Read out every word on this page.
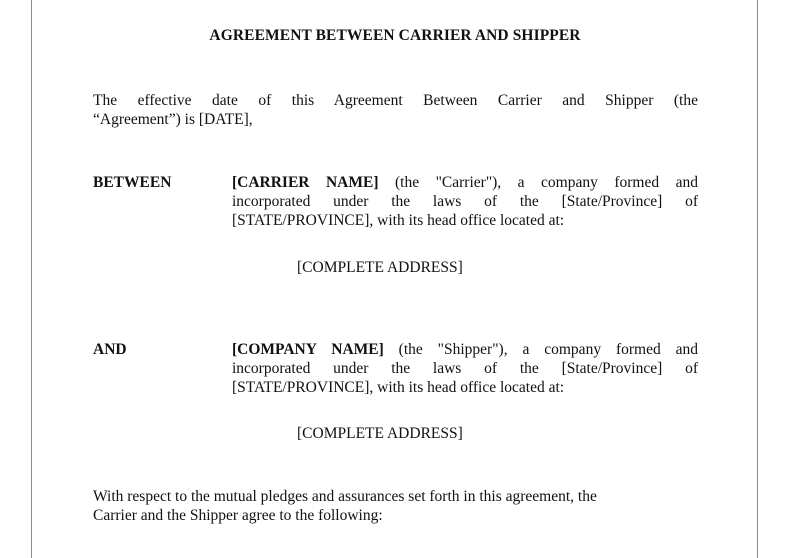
AGREEMENT BETWEEN CARRIER AND SHIPPER
The effective date of this Agreement Between Carrier and Shipper (the
“Agreement”) is [DATE],
BETWEEN	[CARRIER NAME] (the "Carrier"), a company formed and
incorporated under the laws of the [State/Province] of
[STATE/PROVINCE], with its head office located at:
[COMPLETE ADDRESS]
AND	[COMPANY NAME] (the "Shipper"), a company formed and
incorporated under the laws of the [State/Province] of
[STATE/PROVINCE], with its head office located at:
[COMPLETE ADDRESS]
With respect to the mutual pledges and assurances set forth in this agreement, the
Carrier and the Shipper agree to the following:
